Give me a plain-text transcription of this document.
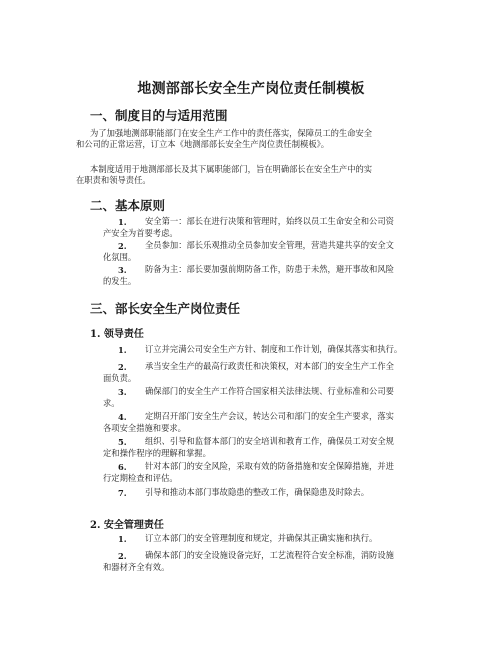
地测部部长安全生产岗位责任制模板
一、制度目的与适用范围
为了加强地测部职能部门在安全生产工作中的责任落实，保障员工的生命安全
和公司的正常运营，订立本《地测部部长安全生产岗位责任制模板》。
本制度适用于地测部部长及其下属职能部门，旨在明确部长在安全生产中的实
在职责和领导责任。
二、基本原则
1. 安全第一：部长在进行决策和管理时，始终以员工生命安全和公司资
产安全为首要考虑。
2. 全员参加：部长乐观推动全员参加安全管理，营造共建共享的安全文
化氛围。
3. 防备为主：部长要加强前期防备工作，防患于未然，避开事故和风险
的发生。
三、部长安全生产岗位责任
1. 领导责任
1. 订立并完满公司安全生产方针、制度和工作计划，确保其落实和执行。
2. 承当安全生产的最高行政责任和决策权，对本部门的安全生产工作全
面负责。
3. 确保部门的安全生产工作符合国家相关法律法规、行业标准和公司要
求。
4. 定期召开部门安全生产会议，转达公司和部门的安全生产要求，落实
各项安全措施和要求。
5. 组织、引导和监督本部门的安全培训和教育工作，确保员工对安全规
定和操作程序的理解和掌握。
6. 针对本部门的安全风险，采取有效的防备措施和安全保障措施，并进
行定期检查和评估。
7. 引导和推动本部门事故隐患的整改工作，确保隐患及时除去。
2. 安全管理责任
1. 订立本部门的安全管理制度和规定，并确保其正确实施和执行。
2. 确保本部门的安全设施设备完好，工艺流程符合安全标准，消防设施
和器材齐全有效。
